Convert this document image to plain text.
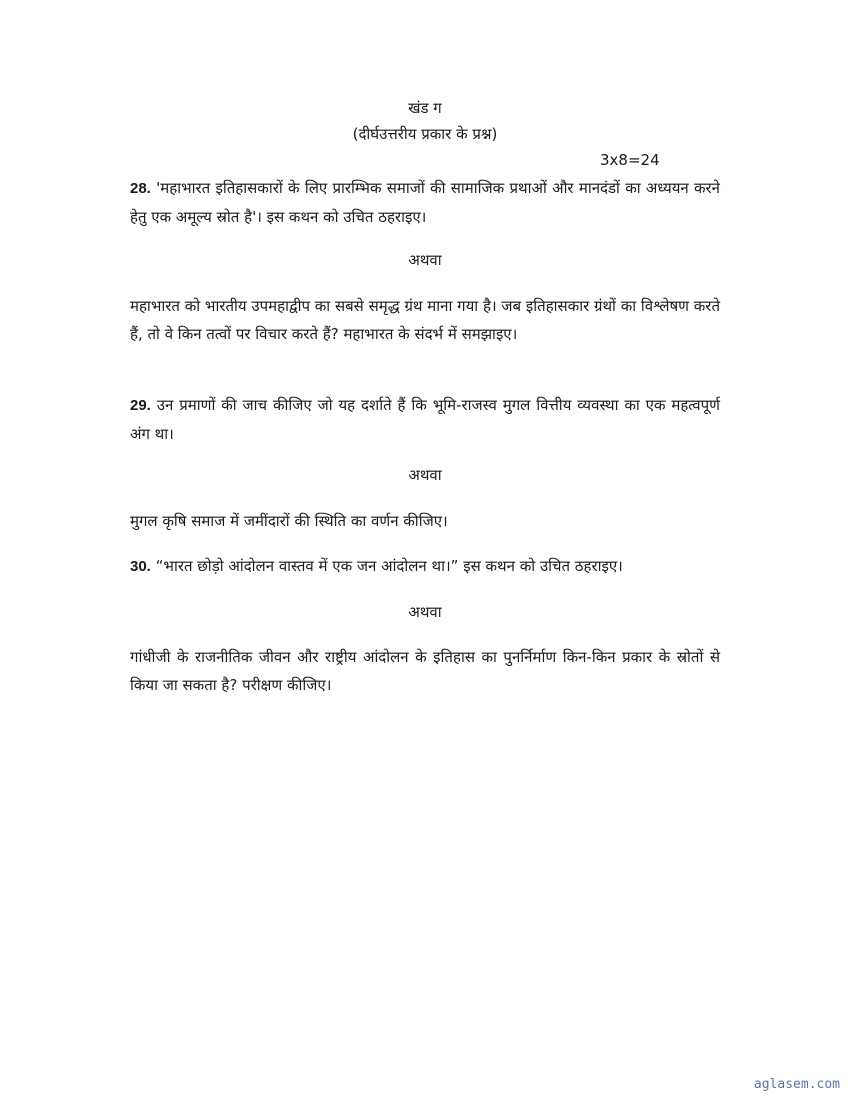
खंड ग
(दीर्घउत्तरीय प्रकार के प्रश्न)
3x8=24
28. 'महाभारत इतिहासकारों के लिए प्रारम्भिक समाजों की सामाजिक प्रथाओं और मानदंडों का अध्ययन करने हेतु एक अमूल्य स्रोत है'। इस कथन को उचित ठहराइए।
अथवा
महाभारत को भारतीय उपमहाद्वीप का सबसे समृद्ध ग्रंथ माना गया है। जब इतिहासकार ग्रंथों का विश्लेषण करते हैं, तो वे किन तत्वों पर विचार करते हैं? महाभारत के संदर्भ में समझाइए।
29. उन प्रमाणों की जाच कीजिए जो यह दर्शाते हैं कि भूमि-राजस्व मुगल वित्तीय व्यवस्था का एक महत्वपूर्ण अंग था।
अथवा
मुगल कृषि समाज में जमींदारों की स्थिति का वर्णन कीजिए।
30. “भारत छोड़ो आंदोलन वास्तव में एक जन आंदोलन था।” इस कथन को उचित ठहराइए।
अथवा
गांधीजी के राजनीतिक जीवन और राष्ट्रीय आंदोलन के इतिहास का पुनर्निर्माण किन-किन प्रकार के स्रोतों से किया जा सकता है? परीक्षण कीजिए।
aglasem.com
